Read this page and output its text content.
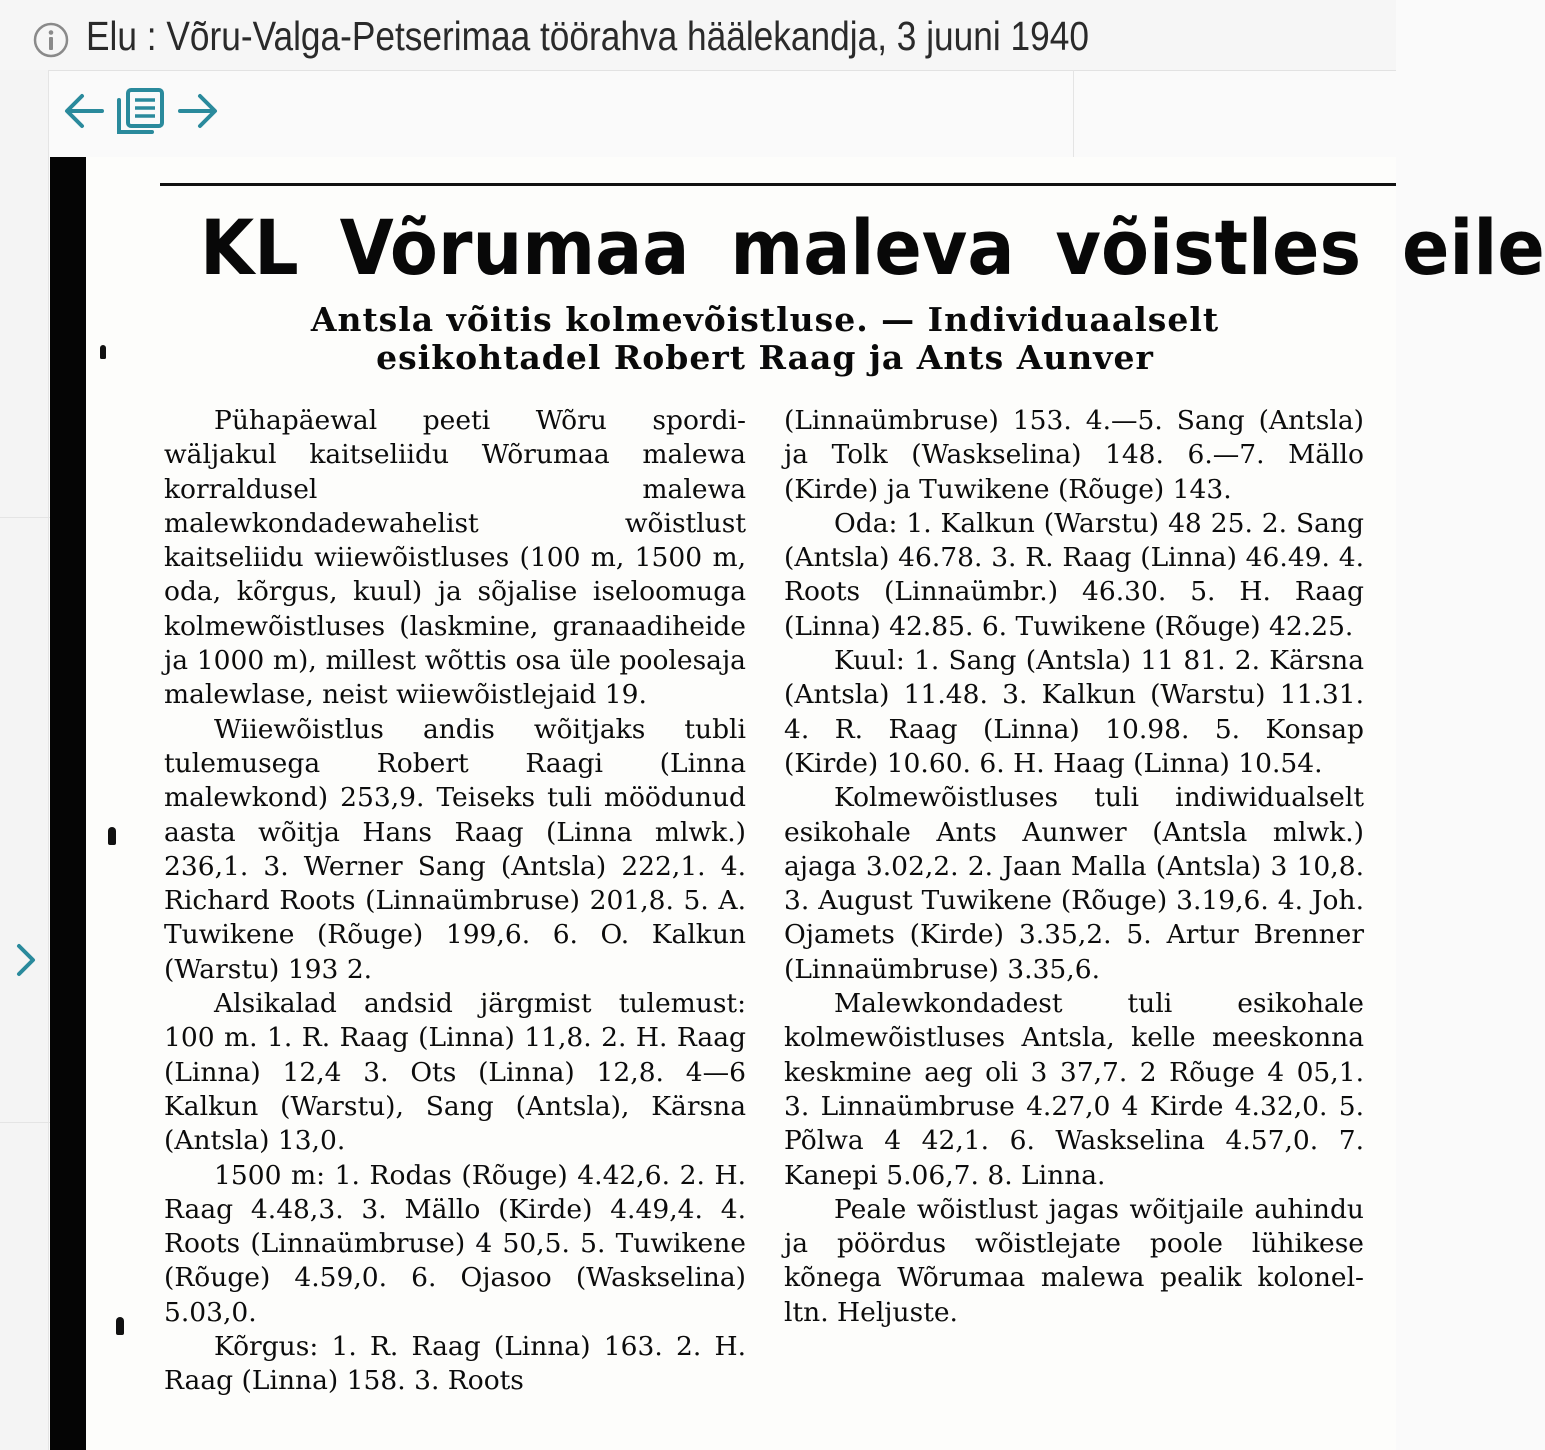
Elu : Võru-Valga-Petserimaa töörahva häälekandja, 3 juuni 1940
KL Võrumaa maleva võistles eile
Antsla võitis kolmevõistluse. — Individuaalselt
esikohtadel Robert Raag ja Ants Aunver

Pühapäewal peeti Wõru spordi-wäljakul kaitseliidu Wõrumaa malewa korraldusel malewa malewkondadewahelist wõistlust kaitseliidu wiiewõistluses (100 m, 1500 m, oda, kõrgus, kuul) ja sõjalise iseloomuga kolmewõistluses (laskmine, granaadiheide ja 1000 m), millest wõttis osa üle poolesaja malewlase, neist wiiewõistlejaid 19.

Wiiewõistlus andis wõitjaks tubli tulemusega Robert Raagi (Linna malewkond) 253,9. Teiseks tuli möödunud aasta wõitja Hans Raag (Linna mlwk.) 236,1. 3. Werner Sang (Antsla) 222,1. 4. Richard Roots (Linnaümbruse) 201,8. 5. A. Tuwikene (Rõuge) 199,6. 6. O. Kalkun (Warstu) 193 2.

Alsikalad andsid järgmist tulemust: 100 m. 1. R. Raag (Linna) 11,8. 2. H. Raag (Linna) 12,4 3. Ots (Linna) 12,8. 4—6 Kalkun (Warstu), Sang (Antsla), Kärsna (Antsla) 13,0.

1500 m: 1. Rodas (Rõuge) 4.42,6. 2. H. Raag 4.48,3. 3. Mällo (Kirde) 4.49,4. 4. Roots (Linnaümbruse) 4 50,5. 5. Tuwikene (Rõuge) 4.59,0. 6. Ojasoo (Waskselina) 5.03,0.

Kõrgus: 1. R. Raag (Linna) 163. 2. H. Raag (Linna) 158. 3. Roots

(Linnaümbruse) 153. 4.—5. Sang (Antsla) ja Tolk (Waskselina) 148. 6.—7. Mällo (Kirde) ja Tuwikene (Rõuge) 143.

Oda: 1. Kalkun (Warstu) 48 25. 2. Sang (Antsla) 46.78. 3. R. Raag (Linna) 46.49. 4. Roots (Linnaümbr.) 46.30. 5. H. Raag (Linna) 42.85. 6. Tuwikene (Rõuge) 42.25.

Kuul: 1. Sang (Antsla) 11 81. 2. Kärsna (Antsla) 11.48. 3. Kalkun (Warstu) 11.31. 4. R. Raag (Linna) 10.98. 5. Konsap (Kirde) 10.60. 6. H. Haag (Linna) 10.54.

Kolmewõistluses tuli indiwidualselt esikohale Ants Aunwer (Antsla mlwk.) ajaga 3.02,2. 2. Jaan Malla (Antsla) 3 10,8. 3. August Tuwikene (Rõuge) 3.19,6. 4. Joh. Ojamets (Kirde) 3.35,2. 5. Artur Brenner (Linnaümbruse) 3.35,6.

Malewkondadest tuli esikohale kolmewõistluses Antsla, kelle meeskonna keskmine aeg oli 3 37,7. 2 Rõuge 4 05,1. 3. Linnaümbruse 4.27,0 4 Kirde 4.32,0. 5. Põlwa 4 42,1. 6. Waskselina 4.57,0. 7. Kanepi 5.06,7. 8. Linna.

Peale wõistlust jagas wõitjaile auhindu ja pöördus wõistlejate poole lühikese kõnega Wõrumaa malewa pealik kolonel-ltn. Heljuste.
